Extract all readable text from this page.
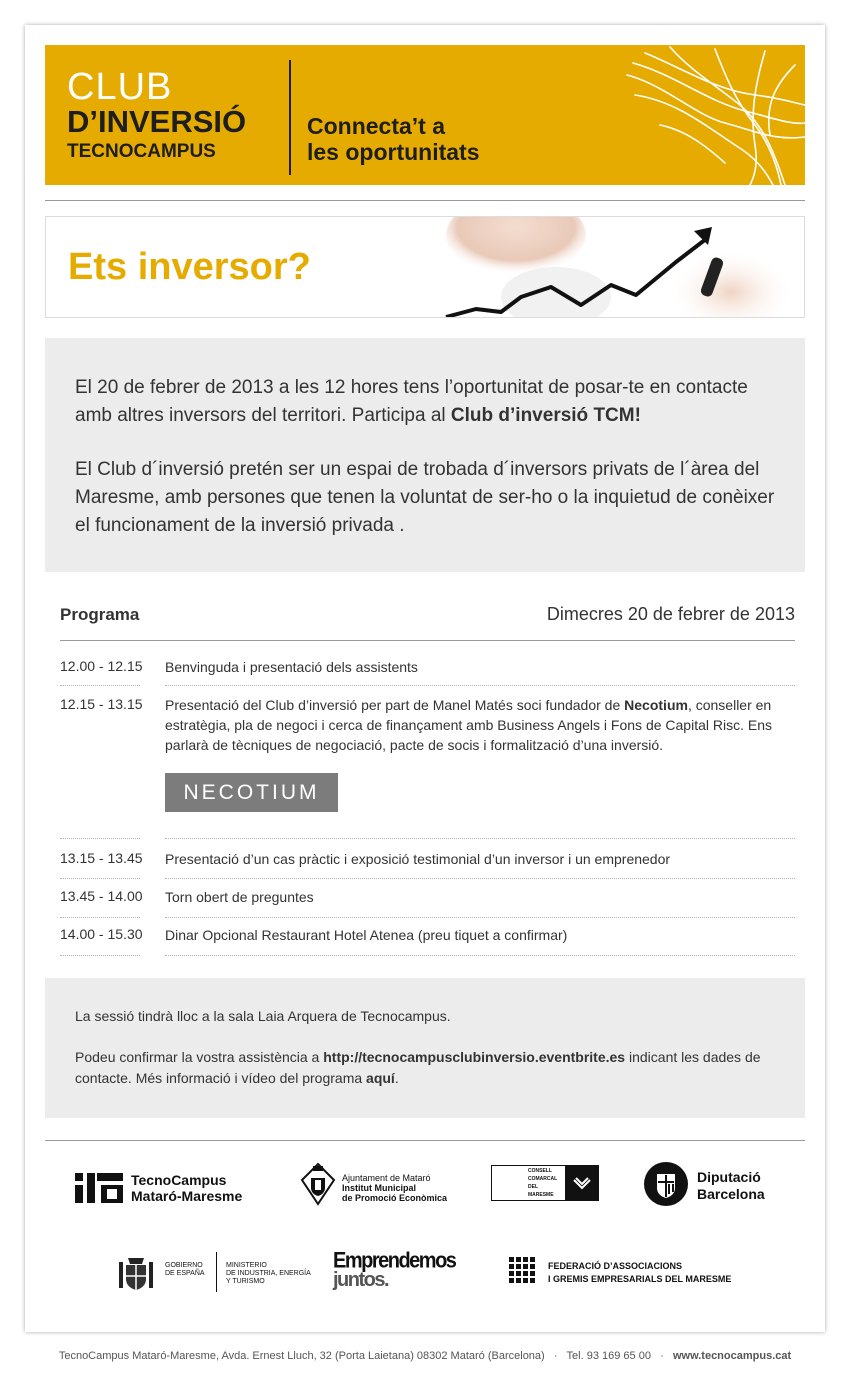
CLUB
D’INVERSIÓ
TECNOCAMPUS
Connecta’t a
les oportunitats
Ets inversor?

El 20 de febrer de 2013 a les 12 hores tens l’oportunitat de posar-te en contacte amb altres inversors del territori. Participa al Club d’inversió TCM!

El Club d´inversió pretén ser un espai de trobada d´inversors privats de l´àrea del Maresme, amb persones que tenen la voluntat de ser-ho o la inquietud de conèixer el funcionament de la inversió privada .

Programa	Dimecres 20 de febrer de 2013
12.00 - 12.15 Benvinguda i presentació dels assistents
12.15 - 13.15 Presentació del Club d’inversió per part de Manel Matés soci fundador de Necotium, conseller en estratègia, pla de negoci i cerca de finançament amb Business Angels i Fons de Capital Risc. Ens parlarà de tècniques de negociació, pacte de socis i formalització d’una inversió.
NECOTIUM
13.15 - 13.45 Presentació d’un cas pràctic i exposició testimonial d’un inversor i un emprenedor
13.45 - 14.00 Torn obert de preguntes
14.00 - 15.30 Dinar Opcional Restaurant Hotel Atenea (preu tiquet a confirmar)

La sessió tindrà lloc a la sala Laia Arquera de Tecnocampus.

Podeu confirmar la vostra assistència a http://tecnocampusclubinversio.eventbrite.es indicant les dades de contacte. Més informació i vídeo del programa aquí.

TecnoCampus
Mataró-Maresme
Ajuntament de Mataró
Institut Municipal
de Promoció Econòmica
CONSELL
COMARCAL
DEL
MARESME
Diputació
Barcelona
GOBIERNO
DE ESPAÑA
MINISTERIO
DE INDUSTRIA, ENERGÍA
Y TURISMO
Emprendemos
juntos.
FEDERACIÓ D’ASSOCIACIONS
I GREMIS EMPRESARIALS DEL MARESME
TecnoCampus Mataró-Maresme, Avda. Ernest Lluch, 32 (Porta Laietana) 08302 Mataró (Barcelona) · Tel. 93 169 65 00 · www.tecnocampus.cat
